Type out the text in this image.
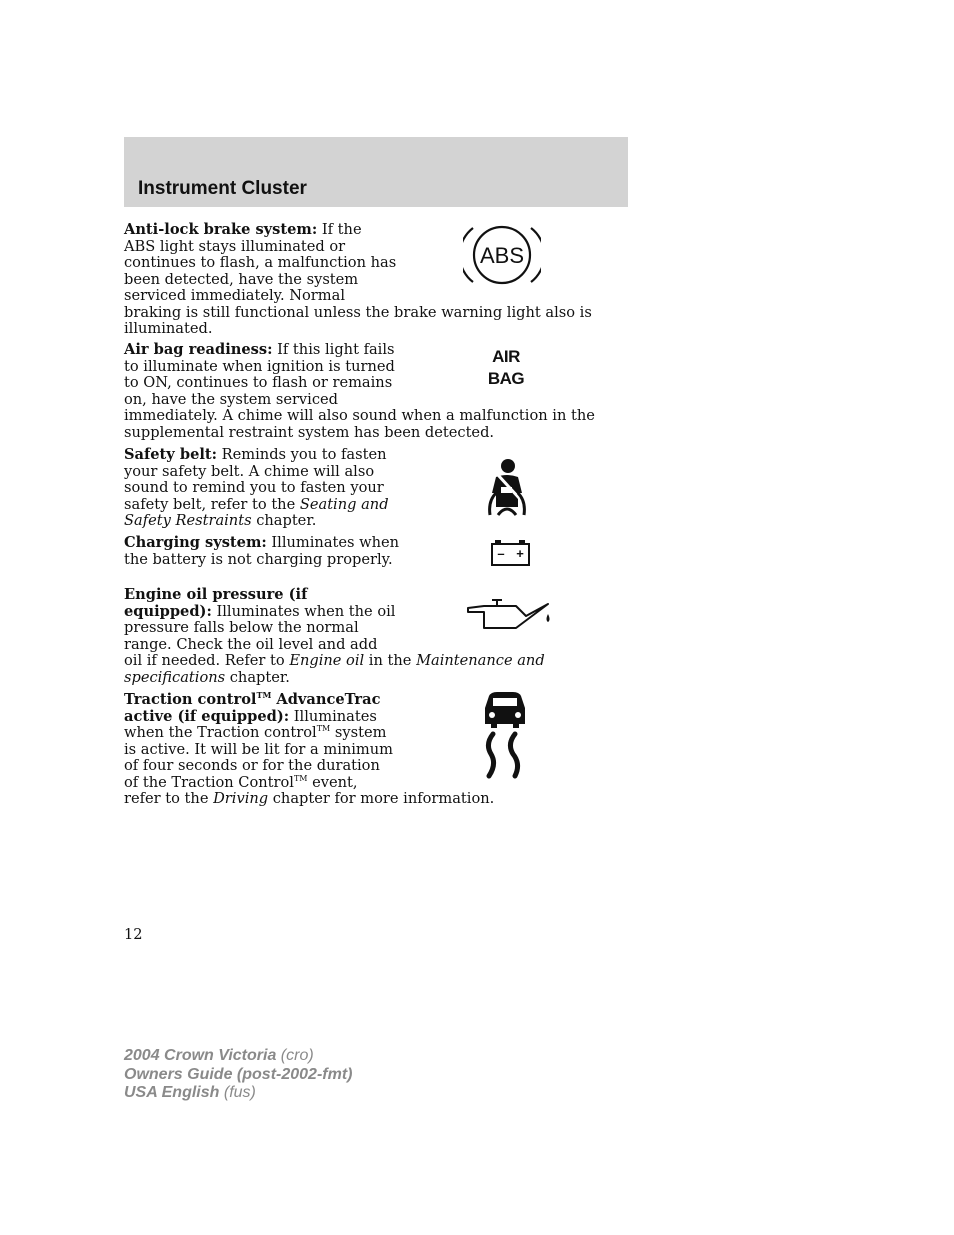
Instrument Cluster
Anti-lock brake system: If the
ABS light stays illuminated or
continues to flash, a malfunction has
been detected, have the system
serviced immediately. Normal
braking is still functional unless the brake warning light also is
illuminated.
ABS
Air bag readiness: If this light fails
to illuminate when ignition is turned
to ON, continues to flash or remains
on, have the system serviced
immediately. A chime will also sound when a malfunction in the
supplemental restraint system has been detected.
AIR
BAG
Safety belt: Reminds you to fasten
your safety belt. A chime will also
sound to remind you to fasten your
safety belt, refer to the Seating and
Safety Restraints chapter.
Charging system: Illuminates when
the battery is not charging properly.	– +
Engine oil pressure (if
equipped): Illuminates when the oil
pressure falls below the normal
range. Check the oil level and add
oil if needed. Refer to Engine oil in the Maintenance and
specifications chapter.
Traction control™ AdvanceTrac
active (if equipped): Illuminates
when the Traction control™ system
is active. It will be lit for a minimum
of four seconds or for the duration
of the Traction Control™ event,
refer to the Driving chapter for more information.
12
2004 Crown Victoria (cro)
Owners Guide (post-2002-fmt)
USA English (fus)
